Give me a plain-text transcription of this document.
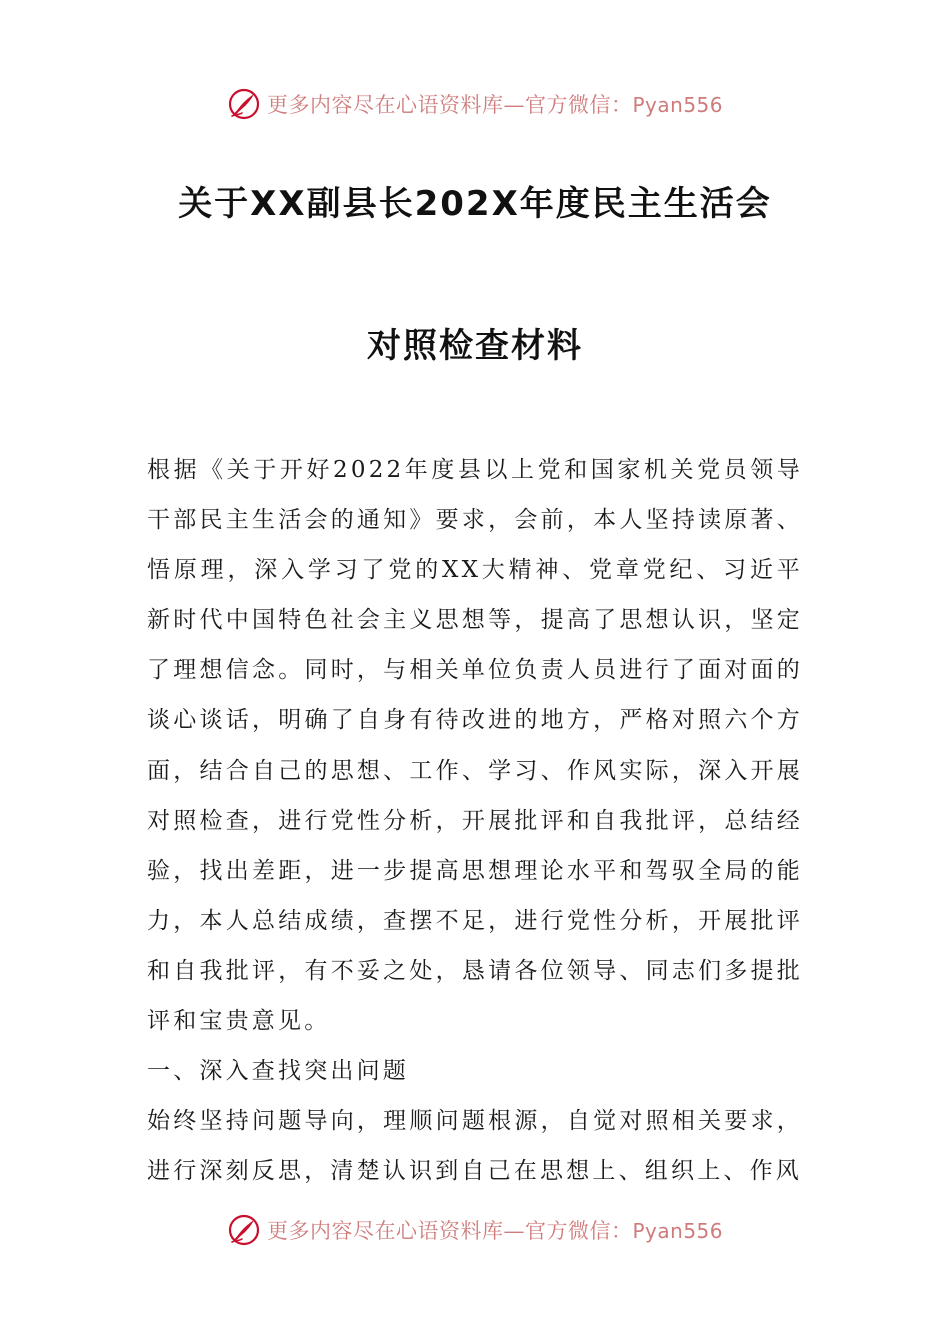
更多内容尽在心语资料库—官方微信：Pyan556
关于XX副县长202X年度民主生活会
对照检查材料

根据《关于开好2022年度县以上党和国家机关党员领导干部民主生活会的通知》要求，会前，本人坚持读原著、悟原理，深入学习了党的XX大精神、党章党纪、习近平新时代中国特色社会主义思想等，提高了思想认识，坚定了理想信念。同时，与相关单位负责人员进行了面对面的谈心谈话，明确了自身有待改进的地方，严格对照六个方面，结合自己的思想、工作、学习、作风实际，深入开展对照检查，进行党性分析，开展批评和自我批评，总结经验，找出差距，进一步提高思想理论水平和驾驭全局的能力，本人总结成绩，查摆不足，进行党性分析，开展批评和自我批评，有不妥之处，恳请各位领导、同志们多提批评和宝贵意见。

一、深入查找突出问题

始终坚持问题导向，理顺问题根源，自觉对照相关要求，进行深刻反思，清楚认识到自己在思想上、组织上、作风

更多内容尽在心语资料库—官方微信：Pyan556
